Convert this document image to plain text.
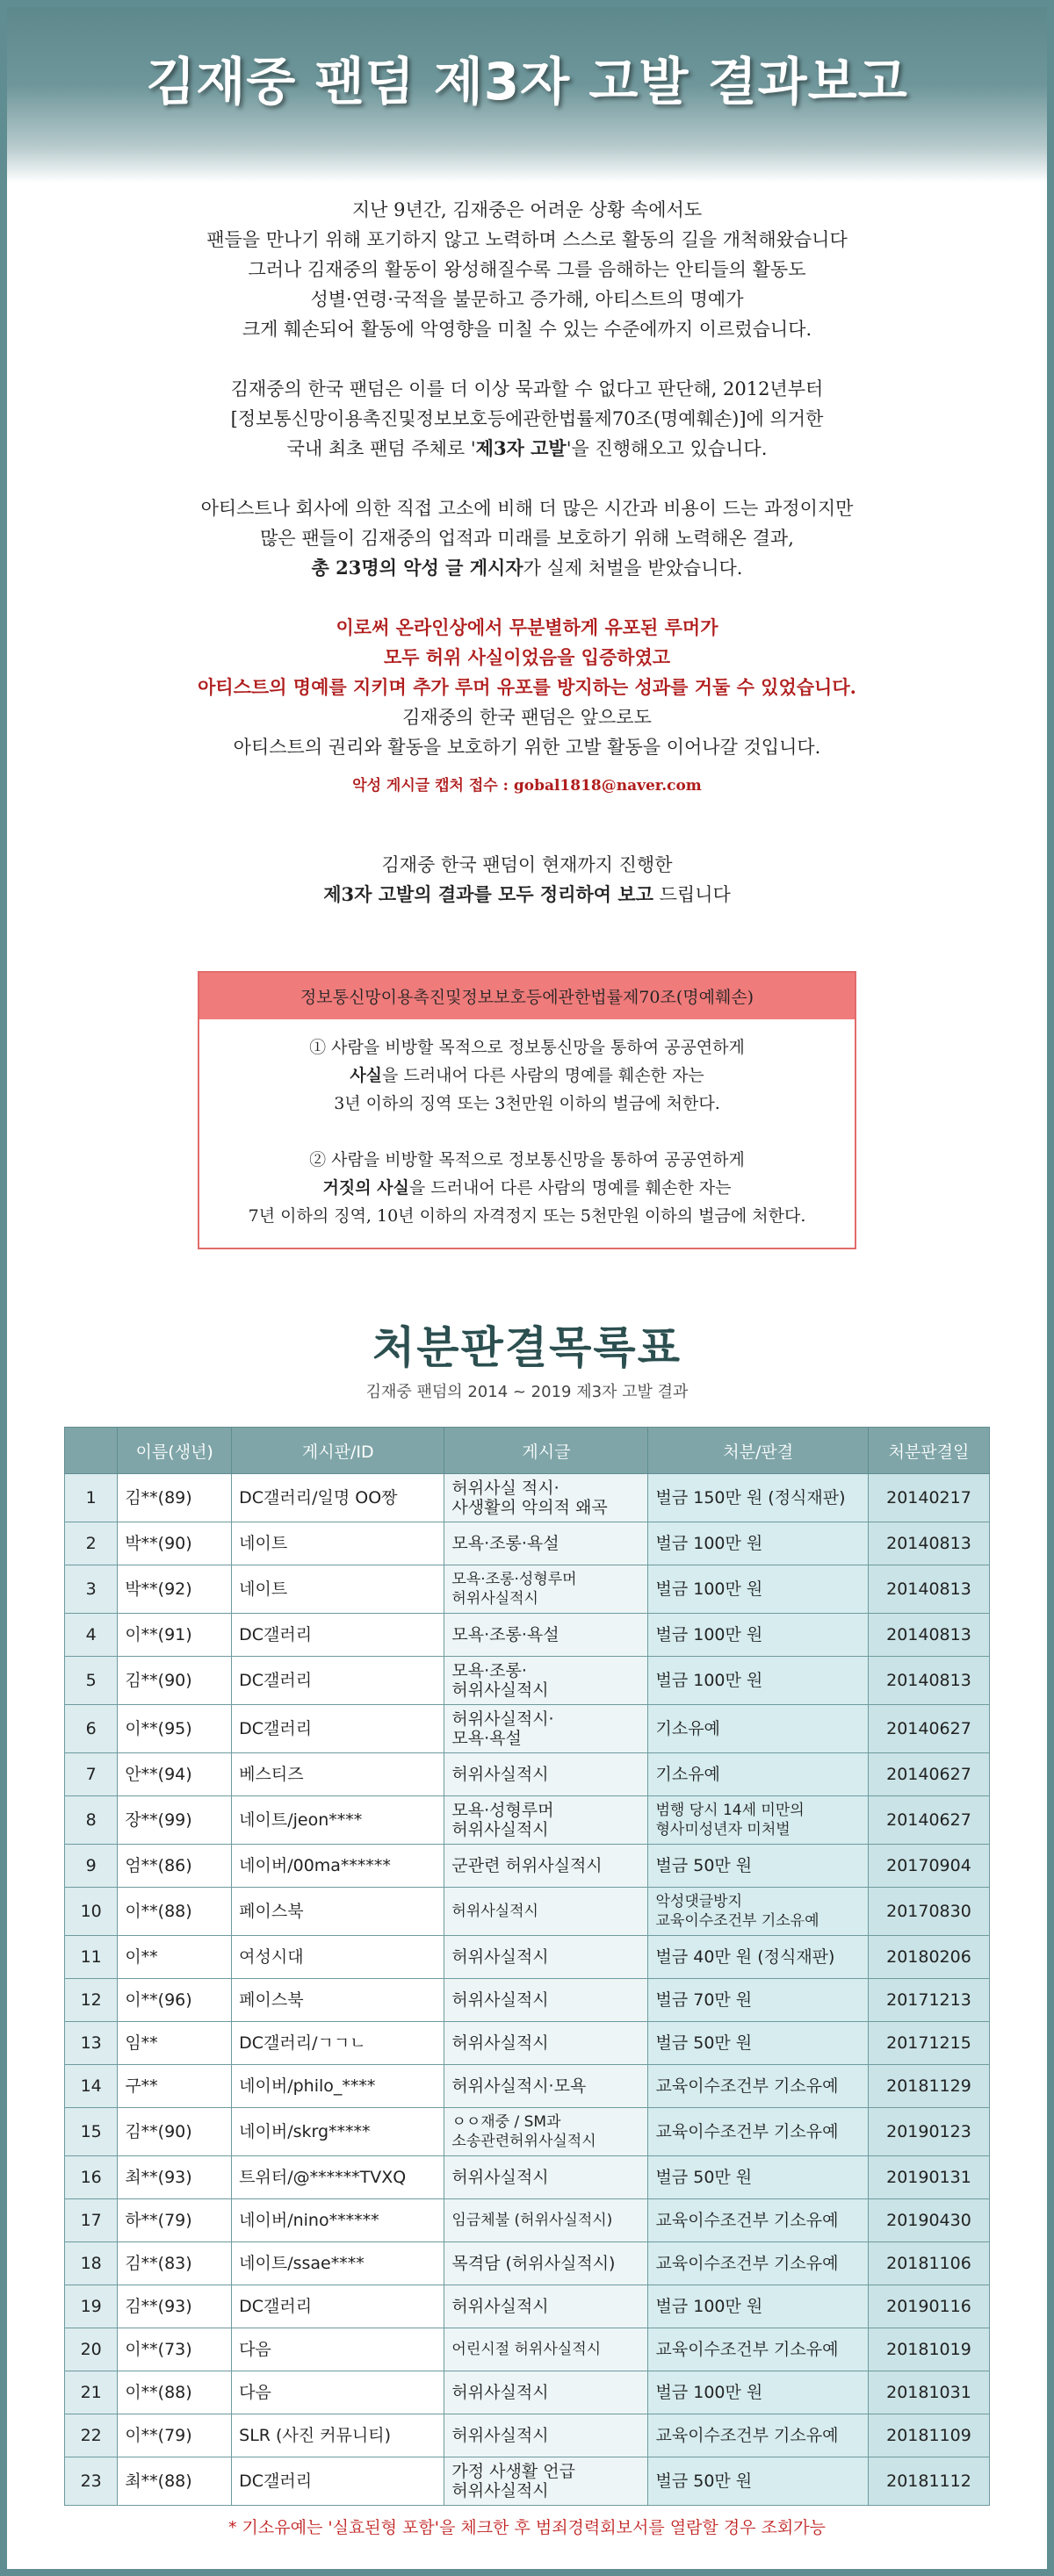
김재중 팬덤 제3자 고발 결과보고

지난 9년간, 김재중은 어려운 상황 속에서도
팬들을 만나기 위해 포기하지 않고 노력하며 스스로 활동의 길을 개척해왔습니다
그러나 김재중의 활동이 왕성해질수록 그를 음해하는 안티들의 활동도
성별·연령·국적을 불문하고 증가해, 아티스트의 명예가
크게 훼손되어 활동에 악영향을 미칠 수 있는 수준에까지 이르렀습니다.

김재중의 한국 팬덤은 이를 더 이상 묵과할 수 없다고 판단해, 2012년부터
[정보통신망이용촉진및정보보호등에관한법률제70조(명예훼손)]에 의거한
국내 최초 팬덤 주체로 '제3자 고발'을 진행해오고 있습니다.

아티스트나 회사에 의한 직접 고소에 비해 더 많은 시간과 비용이 드는 과정이지만
많은 팬들이 김재중의 업적과 미래를 보호하기 위해 노력해온 결과,
총 23명의 악성 글 게시자가 실제 처벌을 받았습니다.

이로써 온라인상에서 무분별하게 유포된 루머가
모두 허위 사실이었음을 입증하였고
아티스트의 명예를 지키며 추가 루머 유포를 방지하는 성과를 거둘 수 있었습니다.
김재중의 한국 팬덤은 앞으로도
아티스트의 권리와 활동을 보호하기 위한 고발 활동을 이어나갈 것입니다.

악성 게시글 캡처 접수 : gobal1818@naver.com

김재중 한국 팬덤이 현재까지 진행한
제3자 고발의 결과를 모두 정리하여 보고 드립니다

정보통신망이용촉진및정보보호등에관한법률제70조(명예훼손)

① 사람을 비방할 목적으로 정보통신망을 통하여 공공연하게
사실을 드러내어 다른 사람의 명예를 훼손한 자는
3년 이하의 징역 또는 3천만원 이하의 벌금에 처한다.

② 사람을 비방할 목적으로 정보통신망을 통하여 공공연하게
거짓의 사실을 드러내어 다른 사람의 명예를 훼손한 자는
7년 이하의 징역, 10년 이하의 자격정지 또는 5천만원 이하의 벌금에 처한다.

처분판결목록표
김재중 팬덤의 2014 ~ 2019 제3자 고발 결과
	이름(생년)	게시판/ID	게시글	처분/판결	처분판결일
1	김**(89)	DC갤러리/일명 OO짱	허위사실 적시·
사생활의 악의적 왜곡	벌금 150만 원 (정식재판)	20140217
2	박**(90)	네이트	모욕·조롱·욕설	벌금 100만 원	20140813
3	박**(92)	네이트	모욕·조롱·성형루머
허위사실적시	벌금 100만 원	20140813
4	이**(91)	DC갤러리	모욕·조롱·욕설	벌금 100만 원	20140813
5	김**(90)	DC갤러리	모욕·조롱·
허위사실적시	벌금 100만 원	20140813
6	이**(95)	DC갤러리	허위사실적시·
모욕·욕설	기소유예	20140627
7	안**(94)	베스티즈	허위사실적시	기소유예	20140627
8	장**(99)	네이트/jeon****	모욕·성형루머
허위사실적시	범행 당시 14세 미만의
형사미성년자 미처벌	20140627
9	엄**(86)	네이버/00ma******	군관련 허위사실적시	벌금 50만 원	20170904
10	이**(88)	페이스북	허위사실적시	악성댓글방지
교육이수조건부 기소유예	20170830
11	이**	여성시대	허위사실적시	벌금 40만 원 (정식재판)	20180206
12	이**(96)	페이스북	허위사실적시	벌금 70만 원	20171213
13	임**	DC갤러리/ㄱㄱㄴ	허위사실적시	벌금 50만 원	20171215
14	구**	네이버/philo_****	허위사실적시·모욕	교육이수조건부 기소유예	20181129
15	김**(90)	네이버/skrg*****	ㅇㅇ재중 / SM과
소송관련허위사실적시	교육이수조건부 기소유예	20190123
16	최**(93)	트위터/@******TVXQ	허위사실적시	벌금 50만 원	20190131
17	하**(79)	네이버/nino******	임금체불 (허위사실적시)	교육이수조건부 기소유예	20190430
18	김**(83)	네이트/ssae****	목격담 (허위사실적시)	교육이수조건부 기소유예	20181106
19	김**(93)	DC갤러리	허위사실적시	벌금 100만 원	20190116
20	이**(73)	다음	어린시절 허위사실적시	교육이수조건부 기소유예	20181019
21	이**(88)	다음	허위사실적시	벌금 100만 원	20181031
22	이**(79)	SLR (사진 커뮤니티)	허위사실적시	교육이수조건부 기소유예	20181109
23	최**(88)	DC갤러리	가정 사생활 언급
허위사실적시	벌금 50만 원	20181112
* 기소유예는 '실효된형 포함'을 체크한 후 범죄경력회보서를 열람할 경우 조회가능
